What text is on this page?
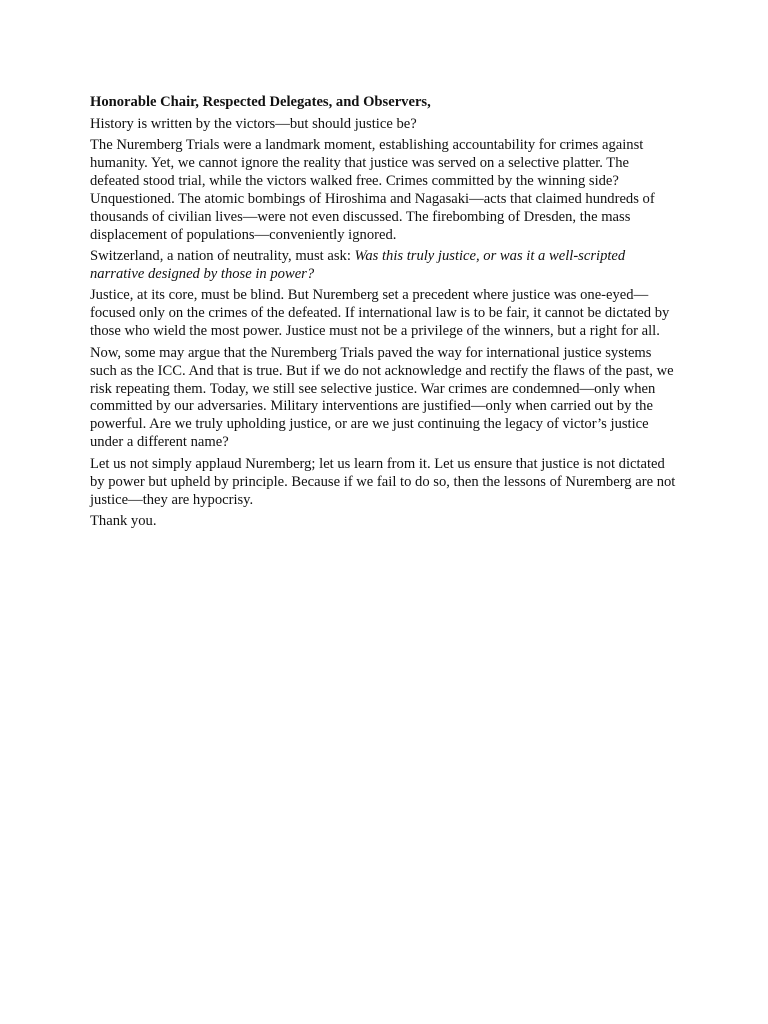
Honorable Chair, Respected Delegates, and Observers,

History is written by the victors—but should justice be?

The Nuremberg Trials were a landmark moment, establishing accountability for crimes against humanity. Yet, we cannot ignore the reality that justice was served on a selective platter. The defeated stood trial, while the victors walked free. Crimes committed by the winning side? Unquestioned. The atomic bombings of Hiroshima and Nagasaki—acts that claimed hundreds of thousands of civilian lives—were not even discussed. The firebombing of Dresden, the mass displacement of populations—conveniently ignored.

Switzerland, a nation of neutrality, must ask: Was this truly justice, or was it a well-scripted narrative designed by those in power?

Justice, at its core, must be blind. But Nuremberg set a precedent where justice was one-eyed—focused only on the crimes of the defeated. If international law is to be fair, it cannot be dictated by those who wield the most power. Justice must not be a privilege of the winners, but a right for all.

Now, some may argue that the Nuremberg Trials paved the way for international justice systems such as the ICC. And that is true. But if we do not acknowledge and rectify the flaws of the past, we risk repeating them. Today, we still see selective justice. War crimes are condemned—only when committed by our adversaries. Military interventions are justified—only when carried out by the powerful. Are we truly upholding justice, or are we just continuing the legacy of victor’s justice under a different name?

Let us not simply applaud Nuremberg; let us learn from it. Let us ensure that justice is not dictated by power but upheld by principle. Because if we fail to do so, then the lessons of Nuremberg are not justice—they are hypocrisy.

Thank you.
